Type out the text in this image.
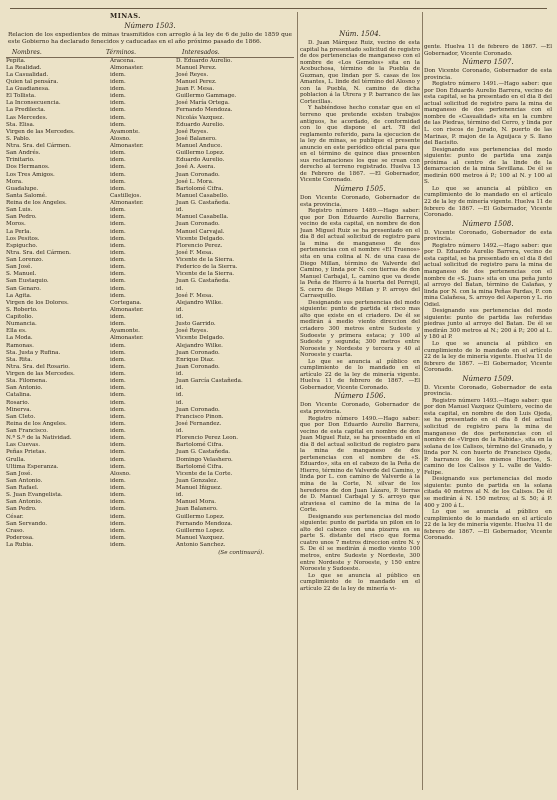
MINAS.
Número 1503.
Relacion de los expedientes de minas trasmitidos con arreglo á la ley de 6 de julio de 1859 que este Gobierno ha declarado fenecidos y caducadas en el año próximo pasado de 1866.
Nombres.	Términos.	Interesados.
Pepita.	Aracena.	D. Eduardo Aurelio.
La Realidad.	Almonaster.	Manuel Perez.
La Casualidad.	idem.	José Reyes.
Quien tal pensára.	idem.	Manuel Perez.
La Guadianesa.	idem.	Juan F. Mesa.
El Tollista.	idem.	Guillermo Gammage.
La Inconsecuencia.	idem.	José María Ortega.
La Predilecta.	idem.	Fernando Mendoza.
Las Mercedes.	idem.	Nicolás Vazquez.
Sta. Elisa.	idem.	Eduardo Aurelio.
Virgen de las Mercedes.	Ayamonte.	José Reyes.
S. Pablo.	Alosno.	José Balanero.
Ntra. Sra. del Cármen.	Almonaster.	Manuel Anduce.
San Andrés.	idem.	Guillermo Lopez.
Trinitario.	idem.	Eduardo Aurelio.
Dos Hermanos.	idem.	José A. Asera.
Los Tres Amigos.	idem.	Juan Coronado.
Mora.	idem.	José L. Mora.
Guadalupe.	idem.	Bartolomé Cifra.
Santa Salomé.	Castillejos.	Manuel Casabello.
Reina de los Angeles.	Almonaster.	Juan G. Castañeda.
San Luis.	idem.	id.
San Pedro.	idem.	Manuel Casabella.
Moros.	idem.	Juan Coronado.
La Perla.	idem.	Manuel Carvajal.
Los Pesitos.	idem.	Vicente Delgado.
Espigucho.	idem.	Florencio Perez.
Ntra. Sra. del Cármen.	idem.	José F. Mesa.
San Lorenzo.	idem.	Vicente de la Sierra.
San José.	idem.	Federico de la Sierra.
S. Manuel.	idem.	Vicente de la Sierra.
San Eustaquio.	idem.	Juan G. Castañeda.
San Genaro.	idem.	id.
La Agita.	idem.	José F. Mesa.
Virgen de los Dolores.	Cortegana.	Alejandro Wilke.
S. Roberto.	Almonaster.	id.
Capitolio.	idem.	id.
Numancia.	idem.	Justo Garrido.
Ella es.	Ayamonte.	José Reyes.
La Moda.	Almonaster.	Vicente Delgado.
Ramonas.	idem.	Alejandro Wilke.
Sta. Justa y Rufina.	idem.	Juan Coronado.
Sta. Rita.	idem.	Enrique Diaz.
Ntra. Sra. del Rosario.	idem.	Juan Coronado.
Virgen de las Mercedes.	idem.	id.
Sta. Filomena.	idem.	Juan García Castañeda.
San Antonio.	idem.	id.
Catalina.	idem.	id.
Rosario.	idem.	id.
Minerva.	idem.	Juan Coronado.
San Cleto.	idem.	Francisco Pinon.
Reina de los Angeles.	idem.	José Fernandez.
San Francisco.	idem.	id.
N.ª S.ª de la Natividad.	idem.	Florencio Perez Leon.
Las Cuevas.	idem.	Bartolomé Cifra.
Peñas Prietas.	idem.	Juan G. Castañeda.
Grulla.	idem.	Domingo Velashero.
Ultima Esperanza.	idem.	Bartolomé Cifra.
San José.	Alosno.	Vicente de la Corte.
San Antonio.	idem.	Juan Gonzalez.
San Rafael.	idem.	Manuel Iñiguez.
S. Juan Evangelista.	idem.	id.
San Antonio.	idem.	Manuel Mora.
San Pedro.	idem.	Juan Balanero.
César.	idem.	Guillermo Lopez.
San Servando.	idem.	Fernando Mendoza.
Craso.	idem.	Guillermo Lopez.
Poderosa.	idem.	Manuel Vazquez.
La Rubia.	idem.	Antonio Sanchez.
(Se continuará).
Núm. 1504.

D. Juan Márquez Ruiz, vecino de esta capital ha presentado solicitud de registro de dos pertenencias de manganeso con el nombre de «Los Gemelos» sita en la Acebuchosa, término de la Puebla de Guzman, que lindan por S. casas de los Amantes, L. linde del término del Alosno y con la Puebla, N. camino de dicha poblacion á la Utrera y P. barranco de las Cortecillas.

Y habiéndose hecho constar que en el terreno que pretende existen trabajos antiguos, he acordado, de conformidad con lo que dispone el art. 78 del reglamento referido, para la ejecucion de la ley de minas, se publique el presente anuncio en este periódico oficial para que en el término de quince dias presenten sus reclamaciones los que se crean con derecho al terreno registrado. Huelva 13 de Febrero de 1867. —El Gobernador, Vicente Coronado.

Número 1505.

Don Vicente Coronado, Gobernador de esta provincia.

Registro número 1489.—Hago saber: que por Don Eduardo Aurelio Barrera, vecino de esta capital, en nombre de don Juan Miguel Ruiz se ha presentado en el dia 8 del actual solicitud de registro para la mina de manganeso de dos pertenencias con el nombre «El Truenos» sita en una colina al N. de una casa de Diego Millan, término de Valverde del Camino, y linda por N. con tierras de don Manuel Carbajal, L. camino que va desde la Peña de Hierro á la huerta del Perrejil, S. cerro de Diego Millan y P. arroyo del Carrasquillo.

Designando sus pertenencias del modo siguiente: punto de partida el risco mas alto que existe en el criadero. De él se medirán á medio viento direccion del criadero 300 metros entre Sudeste y Sudoeste y primera estaca; y 100 al Sudeste y segunda; 300 metros entre Noroeste y Nordeste y tercera y 40 al Noroeste y cuarta.

Lo que se anuncia al público en cumplimiento de lo mandado en el artículo 22 de la ley de minería vigente. Huelva 11 de febrero de 1867. —El Gobernador, Vicente Coronado.

Número 1506.

Don Vicente Coronado, Gobernador de esta provincia.

Registro número 1490.—Hago saber: que por Don Eduardo Aurelio Barrera, vecino de esta capital en nombre de don Juan Miguel Ruiz, se ha presentado en el dia 8 del actual solicitud de registro para la mina de manganeso de dos pertenencias con el nombre de «S. Eduardo», sita en el cabezo de la Peña de Hierro, término de Valverde del Camino, y linda por L. con camino de Valverde á la mina de la Corte, N. silvar de los herederos de don Juan Lázaro, P. tierras de D. Manuel Carbajal y S. arroyo que atraviesa el camino de la mina de la Corte.

Designando sus pertenencias del modo siguiente: punto de partida un pilon en lo alto del cabezo con una pizarra en su parte S. distante del risco que forma cuatro unos 7 metros direccion entre N. y S. De él se medirán á medio viento 100 metros, entre Sudeste y Nordeste, 300 entre Nordeste y Noroeste, y 150 entre Noroeste y Sudoeste.

Lo que se anuncia al público en cumplimiento de lo mandado en el artículo 22 de la ley de minería vi-

gente. Huelva 11 de febrero de 1867. —El Gobernador, Vicente Coronado.

Número 1507.

Don Vicente Coronado, Gobernador de esta provincia.

Registro número 1491.—Hago saber: que por Don Eduardo Aurelio Barrera, vecino de esta capital, se ha presentado en el dia 8 del actual solicitud de registro para la mina de manganeso de dos pertenencias con el nombre de «Casualidad» sita en la cumbre de las Piedras, término del Cerro, y linda por L. con riscos de Jurado, N. puerto de las Marinas, P. majon de la Aguijaca y S. llano del Bacisito.

Designando sus pertenencias del modo siguiente: punto de partida una zanja próxima al centro de la linde de la demarcacion de la mina Sevillana. De él se medirán 600 metros á P.; 100 al N. y 100 al S.

Lo que se anuncia al público en cumplimiento de lo mandado en el artículo 22 de la ley de minería vigente. Huelva 11 de febrero de 1867. —El Gobernador, Vicente Coronado.

Número 1508.

D. Vicente Coronado, Gobernador de esta provincia.

Registro número 1492.—Hago saber: que por D. Eduardo Aurelio Barrera, vecino de esta capital, se ha presentado en el dia 8 del actual solicitud de registro para la mina de manganeso de dos pertenencias con el nombre de «S. Juan» sita en una peña junto al arroyo del Batan, término de Calañas, y linda por N. con la mina Peñas Pardas, P. con mina Calañesa, S. arroyo del Asperon y L. rio Odiel.

Designando sus pertenencias del modo siguiente: punto de partida las referidas piedras junto al arroyo del Batan. De él se medirán 300 metros al N.; 200 á P.; 200 al L. y 180 al P.

Lo que se anuncia al público en cumplimiento de lo mandado en el artículo 22 de la ley de minería vigente. Huelva 11 de febrero de 1867. —El Gobernador, Vicente Coronado.

Número 1509.

D. Vicente Coronado, Gobernador de esta provincia.

Registro número 1493.—Hago saber: que por don Manuel Vazquez Quintero, vecino de esta capital, en nombre de don Luis Ojeda, se ha presentado en el dia 8 del actual solicitud de registro para la mina de manganeso de dos pertenencias con el nombre de «Virgen de la Rábida», sita en la solana de los Calisos, término del Granado, y linda por N. con huerto de Francisco Ojeda, P. barranco de los mismos Huertos, S. camino de los Calisos y L. valle de Valdo-Felipe.

Designando sus pertenencias del modo siguiente: punto de partida en la solana citada 40 metros al N. de los Calisos. De él se medirán á N. 150 metros; al S. 50; á P. 400 y 200 á L.

Lo que se anuncia al público en cumplimiento de lo mandado en el artículo 22 de la ley de minería vigente. Huelva 11 de febrero de 1867. —El Gobernador, Vicente Coronado.
